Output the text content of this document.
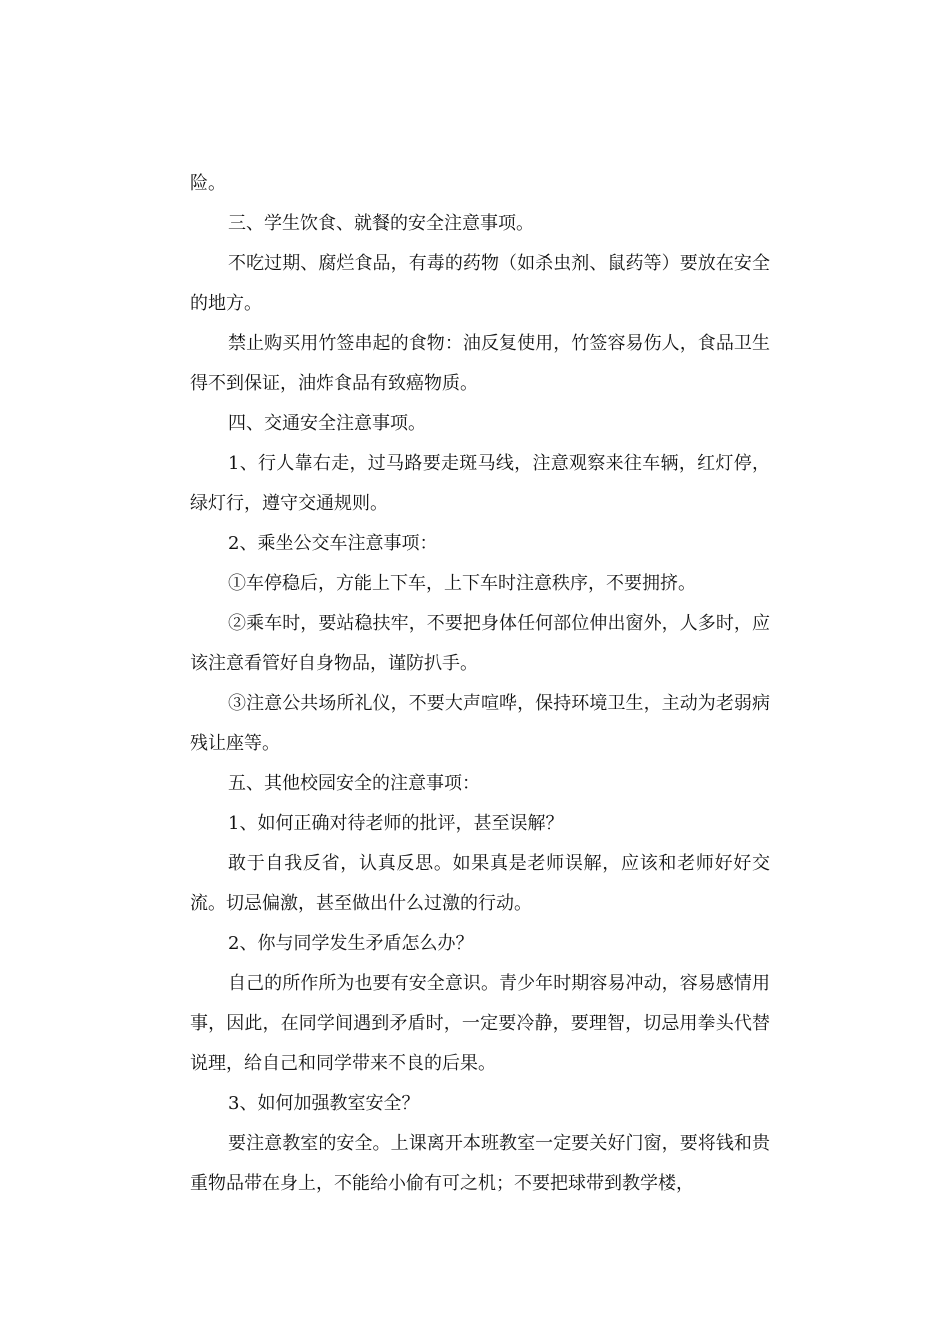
险。

三、学生饮食、就餐的安全注意事项。

不吃过期、腐烂食品，有毒的药物（如杀虫剂、鼠药等）要放在安全的地方。

禁止购买用竹签串起的食物：油反复使用，竹签容易伤人，食品卫生得不到保证，油炸食品有致癌物质。

四、交通安全注意事项。

1、行人靠右走，过马路要走斑马线，注意观察来往车辆，红灯停，绿灯行，遵守交通规则。

2、乘坐公交车注意事项：

①车停稳后，方能上下车，上下车时注意秩序，不要拥挤。

②乘车时，要站稳扶牢，不要把身体任何部位伸出窗外，人多时，应该注意看管好自身物品，谨防扒手。

③注意公共场所礼仪，不要大声喧哗，保持环境卫生，主动为老弱病残让座等。

五、其他校园安全的注意事项：

1、如何正确对待老师的批评，甚至误解？

敢于自我反省，认真反思。如果真是老师误解，应该和老师好好交流。切忌偏激，甚至做出什么过激的行动。

2、你与同学发生矛盾怎么办？

自己的所作所为也要有安全意识。青少年时期容易冲动，容易感情用事，因此，在同学间遇到矛盾时，一定要冷静，要理智，切忌用拳头代替说理，给自己和同学带来不良的后果。

3、如何加强教室安全？

要注意教室的安全。上课离开本班教室一定要关好门窗，要将钱和贵重物品带在身上，不能给小偷有可之机；不要把球带到教学楼，
